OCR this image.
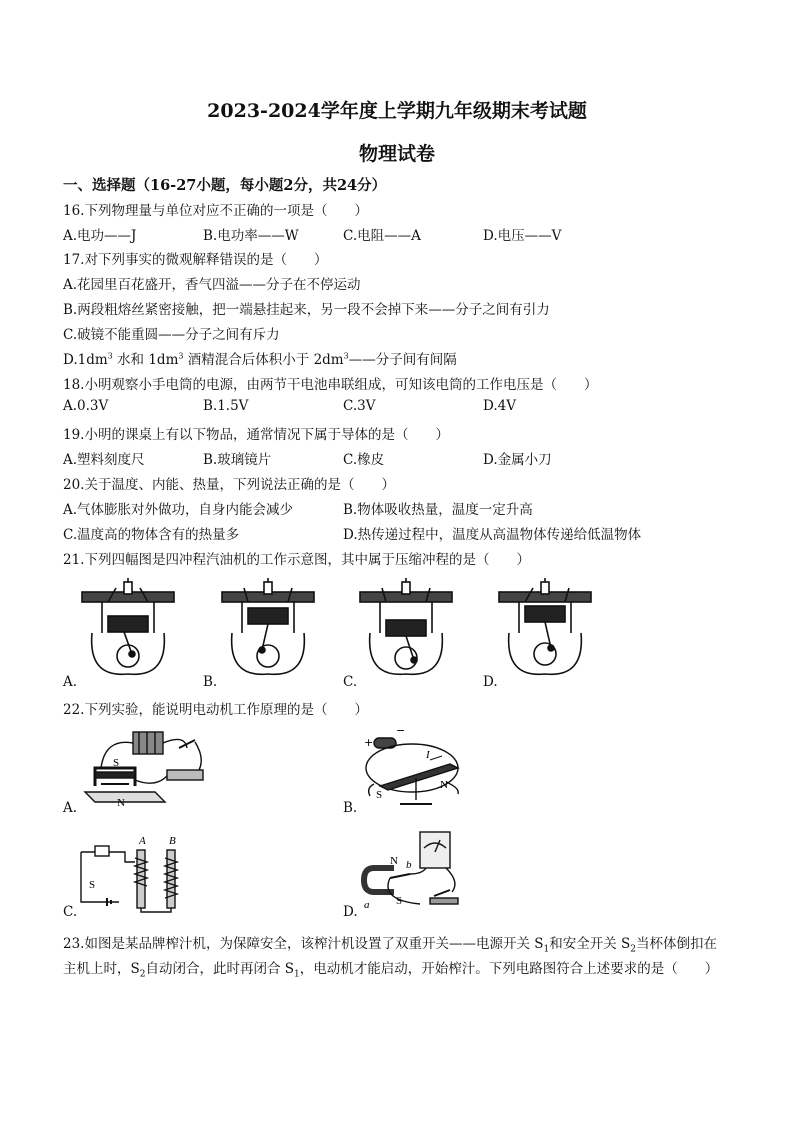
2023-2024学年度上学期九年级期末考试题
物理试卷
一、选择题（16-27小题，每小题2分，共24分）
16.下列物理量与单位对应不正确的一项是（　　）
A.电功——J	B.电功率——W	C.电阻——A	D.电压——V
17.对下列事实的微观解释错误的是（　　）
A.花园里百花盛开，香气四溢——分子在不停运动
B.两段粗熔丝紧密接触，把一端悬挂起来，另一段不会掉下来——分子之间有引力
C.破镜不能重圆——分子之间有斥力
$D.1dm^3$ 水和 $1dm^3$ 酒精混合后体积小于 $2dm^3——$分子间有间隔
18.小明观察小手电筒的电源，由两节干电池串联组成，可知该电筒的工作电压是（　　）
A.0.3V	B.1.5V	C.3V	D.4V
19.小明的课桌上有以下物品，通常情况下属于导体的是（　　）
A.塑料刻度尺	B.玻璃镜片	C.橡皮	D.金属小刀
20.关于温度、内能、热量，下列说法正确的是（　　）
A.气体膨胀对外做功，自身内能会减少	B.物体吸收热量，温度一定升高
C.温度高的物体含有的热量多	D.热传递过程中，温度从高温物体传递给低温物体
21.下列四幅图是四冲程汽油机的工作示意图，其中属于压缩冲程的是（　　）
A.	B.	C.	D.
22.下列实验，能说明电动机工作原理的是（　　）
S
N
+
−
I
S
N
A.	B.
A B
S
N b
a S
C.	D.
23.如图是某品牌榨汁机，为保障安全，该榨汁机设置了双重开关——电源开关 $S_1$和安全开关 $S_2$当杯体倒扣在
主机上时，$S_2$自动闭合，此时再闭合 $S_1$，电动机才能启动，开始榨汁。下列电路图符合上述要求的是（　　）
